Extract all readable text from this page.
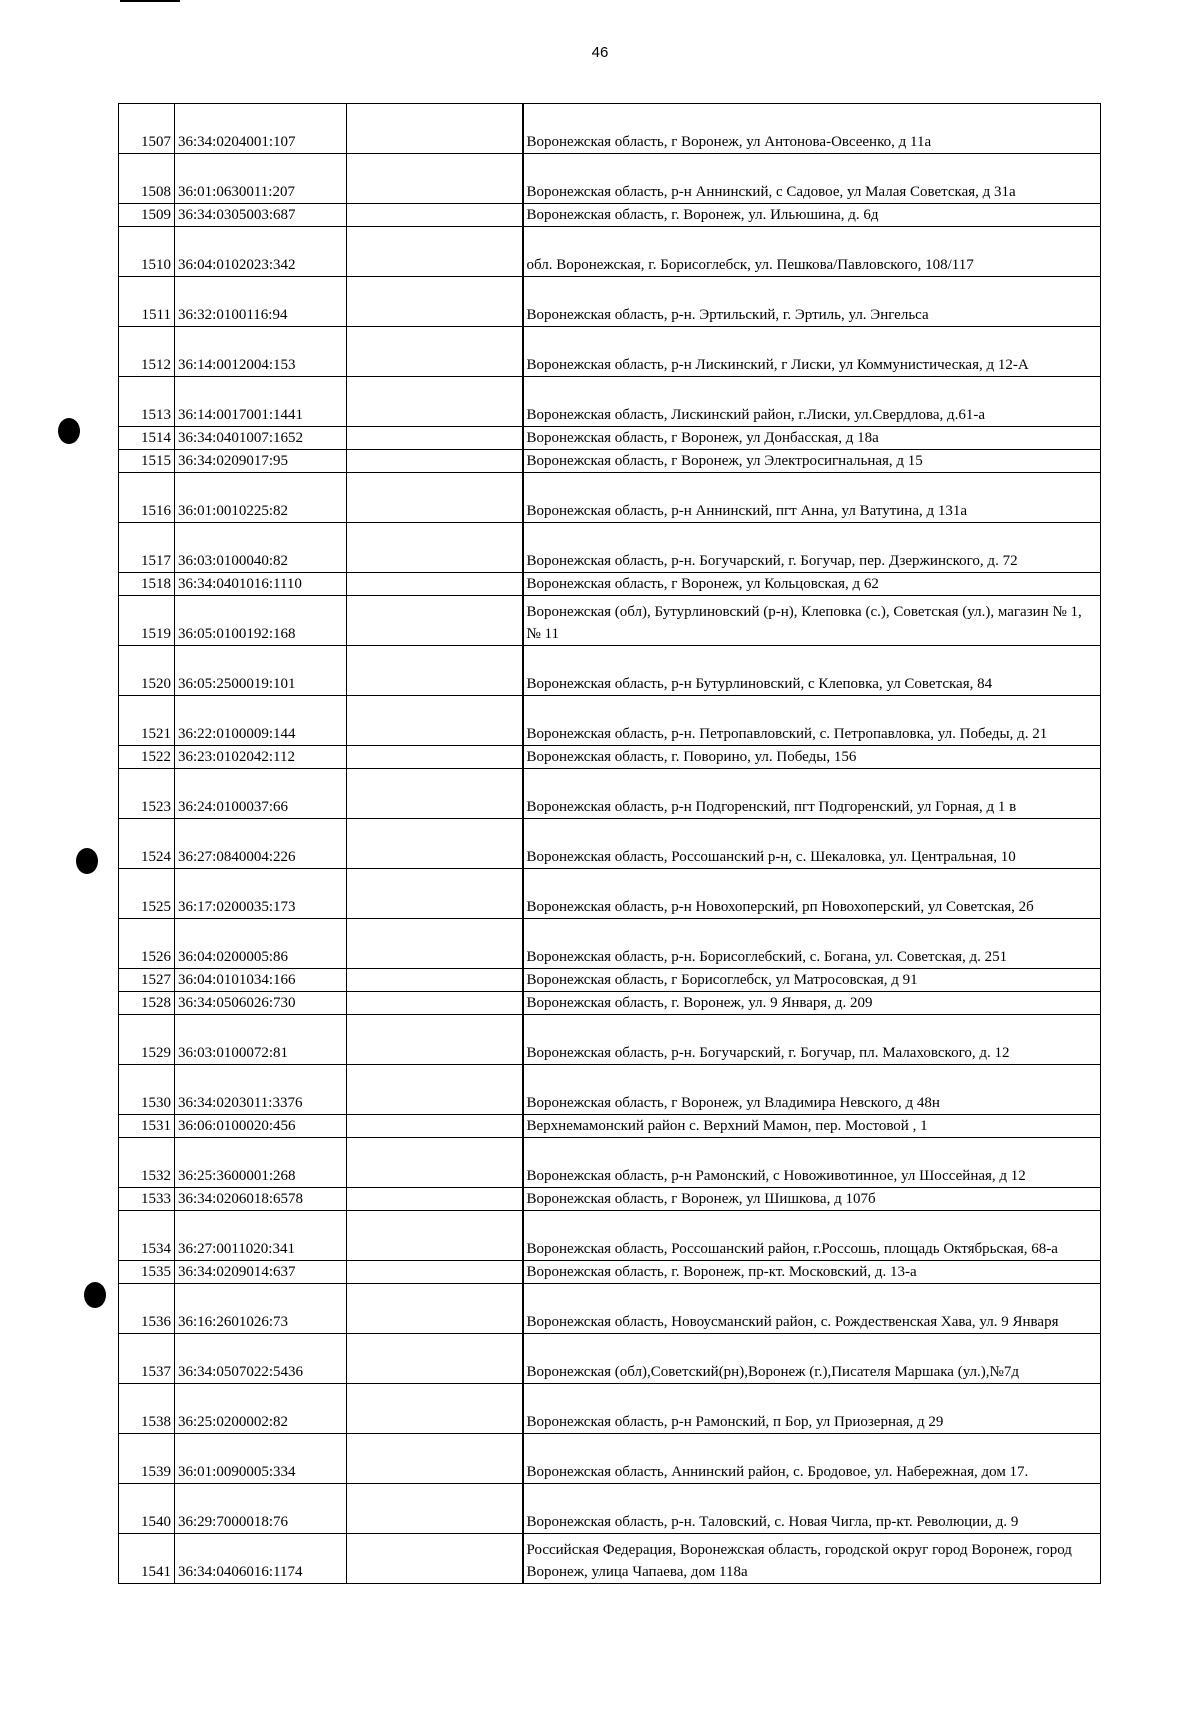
46
1507	36:34:0204001:107		Воронежская область, г Воронеж, ул Антонова-Овсеенко, д 11а
1508	36:01:0630011:207		Воронежская область, р-н Аннинский, с Садовое, ул Малая Советская, д 31а
1509	36:34:0305003:687		Воронежская область, г. Воронеж, ул. Ильюшина, д. 6д
1510	36:04:0102023:342		обл. Воронежская, г. Борисоглебск, ул. Пешкова/Павловского, 108/117
1511	36:32:0100116:94		Воронежская область, р-н. Эртильский, г. Эртиль, ул. Энгельса
1512	36:14:0012004:153		Воронежская область, р-н Лискинский, г Лиски, ул Коммунистическая, д 12-А
1513	36:14:0017001:1441		Воронежская область, Лискинский район, г.Лиски, ул.Свердлова, д.61-а
1514	36:34:0401007:1652		Воронежская область, г Воронеж, ул Донбасская, д 18а
1515	36:34:0209017:95		Воронежская область, г Воронеж, ул Электросигнальная, д 15
1516	36:01:0010225:82		Воронежская область, р-н Аннинский, пгт Анна, ул Ватутина, д 131а
1517	36:03:0100040:82		Воронежская область, р-н. Богучарский, г. Богучар, пер. Дзержинского, д. 72
1518	36:34:0401016:1110		Воронежская область, г Воронеж, ул Кольцовская, д 62
1519	36:05:0100192:168		Воронежская (обл), Бутурлиновский (р-н), Клеповка (с.), Советская (ул.), магазин № 1, № 11
1520	36:05:2500019:101		Воронежская область, р-н Бутурлиновский, с Клеповка, ул Советская, 84
1521	36:22:0100009:144		Воронежская область, р-н. Петропавловский, с. Петропавловка, ул. Победы, д. 21
1522	36:23:0102042:112		Воронежская область, г. Поворино, ул. Победы, 156
1523	36:24:0100037:66		Воронежская область, р-н Подгоренский, пгт Подгоренский, ул Горная, д 1 в
1524	36:27:0840004:226		Воронежская область, Россошанский р-н, с. Шекаловка, ул. Центральная, 10
1525	36:17:0200035:173		Воронежская область, р-н Новохоперский, рп Новохоперский, ул Советская, 2б
1526	36:04:0200005:86		Воронежская область, р-н. Борисоглебский, с. Богана, ул. Советская, д. 251
1527	36:04:0101034:166		Воронежская область, г Борисоглебск, ул Матросовская, д 91
1528	36:34:0506026:730		Воронежская область, г. Воронеж, ул. 9 Января, д. 209
1529	36:03:0100072:81		Воронежская область, р-н. Богучарский, г. Богучар, пл. Малаховского, д. 12
1530	36:34:0203011:3376		Воронежская область, г Воронеж, ул Владимира Невского, д 48н
1531	36:06:0100020:456		Верхнемамонский район с. Верхний Мамон, пер. Мостовой , 1
1532	36:25:3600001:268		Воронежская область, р-н Рамонский, с Новоживотинное, ул Шоссейная, д 12
1533	36:34:0206018:6578		Воронежская область, г Воронеж, ул Шишкова, д 107б
1534	36:27:0011020:341		Воронежская область, Россошанский район, г.Россошь, площадь Октябрьская, 68-а
1535	36:34:0209014:637		Воронежская область, г. Воронеж, пр-кт. Московский, д. 13-а
1536	36:16:2601026:73		Воронежская область, Новоусманский район, с. Рождественская Хава, ул. 9 Января
1537	36:34:0507022:5436		Воронежская (обл),Советский(рн),Воронеж (г.),Писателя Маршака (ул.),№7д
1538	36:25:0200002:82		Воронежская область, р-н Рамонский, п Бор, ул Приозерная, д 29
1539	36:01:0090005:334		Воронежская область, Аннинский район, с. Бродовое, ул. Набережная, дом 17.
1540	36:29:7000018:76		Воронежская область, р-н. Таловский, с. Новая Чигла, пр-кт. Революции, д. 9
1541	36:34:0406016:1174		Российская Федерация, Воронежская область, городской округ город Воронеж, город Воронеж, улица Чапаева, дом 118а
